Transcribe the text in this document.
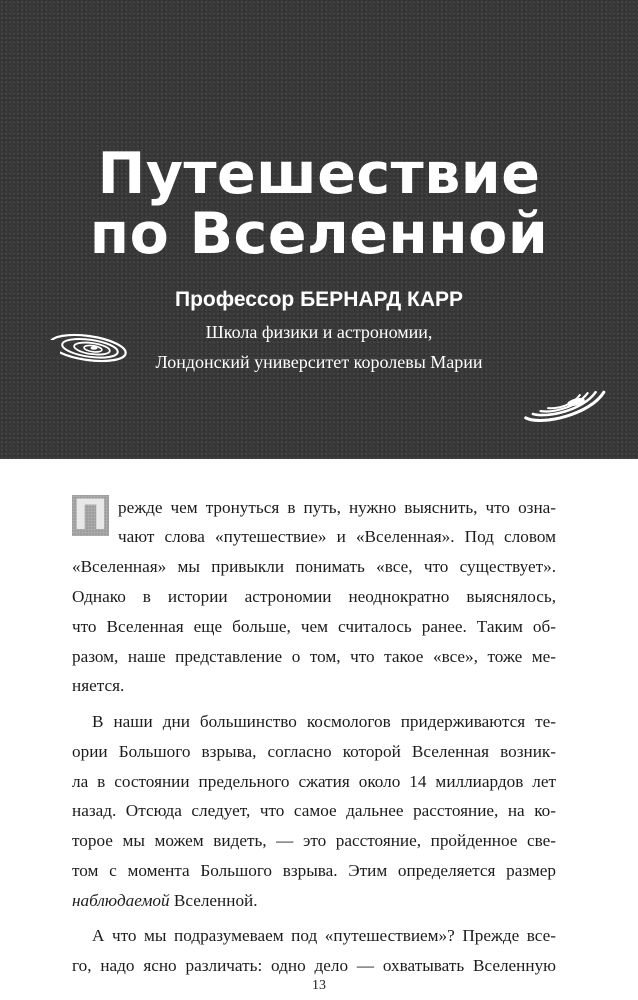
Путешествие
по Вселенной
Профессор БЕРНАРД КАРР
Школа физики и астрономии,
Лондонский университет королевы Марии
П режде чем тронуться в путь, нужно выяснить, что озна-

чают слова «путешествие» и «Вселенная». Под словом

«Вселенная» мы привыкли понимать «все, что существует».

Однако в истории астрономии неоднократно выяснялось,

что Вселенная еще больше, чем считалось ранее. Таким об-

разом, наше представление о том, что такое «все», тоже ме-

няется.

В наши дни большинство космологов придерживаются те-

ории Большого взрыва, согласно которой Вселенная возник-

ла в состоянии предельного сжатия около 14 миллиардов лет

назад. Отсюда следует, что самое дальнее расстояние, на ко-

торое мы можем видеть, — это расстояние, пройденное све-

том с момента Большого взрыва. Этим определяется размер

наблюдаемой Вселенной.

А что мы подразумеваем под «путешествием»? Прежде все-

го, надо ясно различать: одно дело — охватывать Вселенную

13
